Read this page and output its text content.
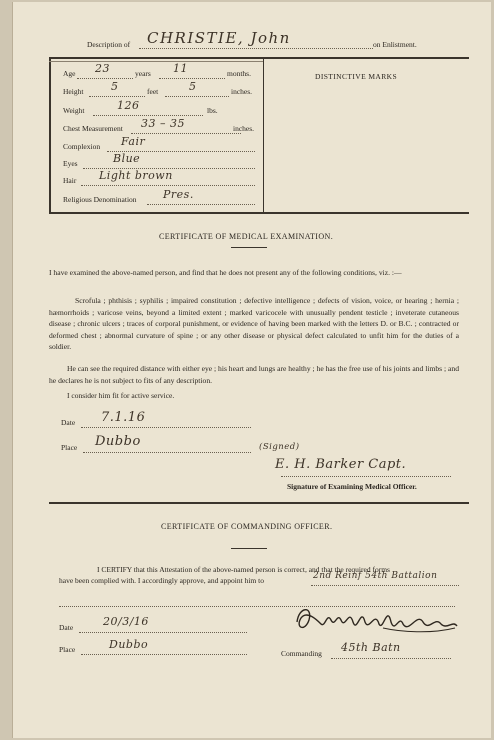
Description of CHRISTIE, John	on Enlistment.
Age 23	years 11	months.
Height	5	feet	5	inches.
Weight	126	lbs.
Chest Measurement 33 – 35	inches.
Complexion Fair
Eyes	Blue
Hair Light brown
Religious Denomination Pres.
DISTINCTIVE MARKS
CERTIFICATE OF MEDICAL EXAMINATION.
I have examined the above-named person, and find that he does not present any of the following conditions, viz. :—
Scrofula ; phthisis ; syphilis ; impaired constitution ; defective intelligence ; defects of vision, voice, or hearing ; hernia ; hæmorrhoids ; varicose veins, beyond a limited extent ; marked varicocele with unusually pendent testicle ; inveterate cutaneous disease ; chronic ulcers ; traces of corporal punishment, or evidence of having been marked with the letters D. or B.C. ; contracted or deformed chest ; abnormal curvature of spine ; or any other disease or physical defect calculated to unfit him for the duties of a soldier.
He can see the required distance with either eye ; his heart and lungs are healthy ; he has the free use of his joints and limbs ; and he declares he is not subject to fits of any description.
I consider him fit for active service.
Date 7.1.16
Place Dubbo	(Signed)
E. H. Barker Capt.
Signature of Examining Medical Officer.
CERTIFICATE OF COMMANDING OFFICER.
I CERTIFY that this Attestation of the above-named person is correct, and that the required forms
have been complied with. I accordingly approve, and appoint him to	2nd Reinf 54th Battalion
Date	20/3/16
Place	Dubbo
Commanding 45th Batn
